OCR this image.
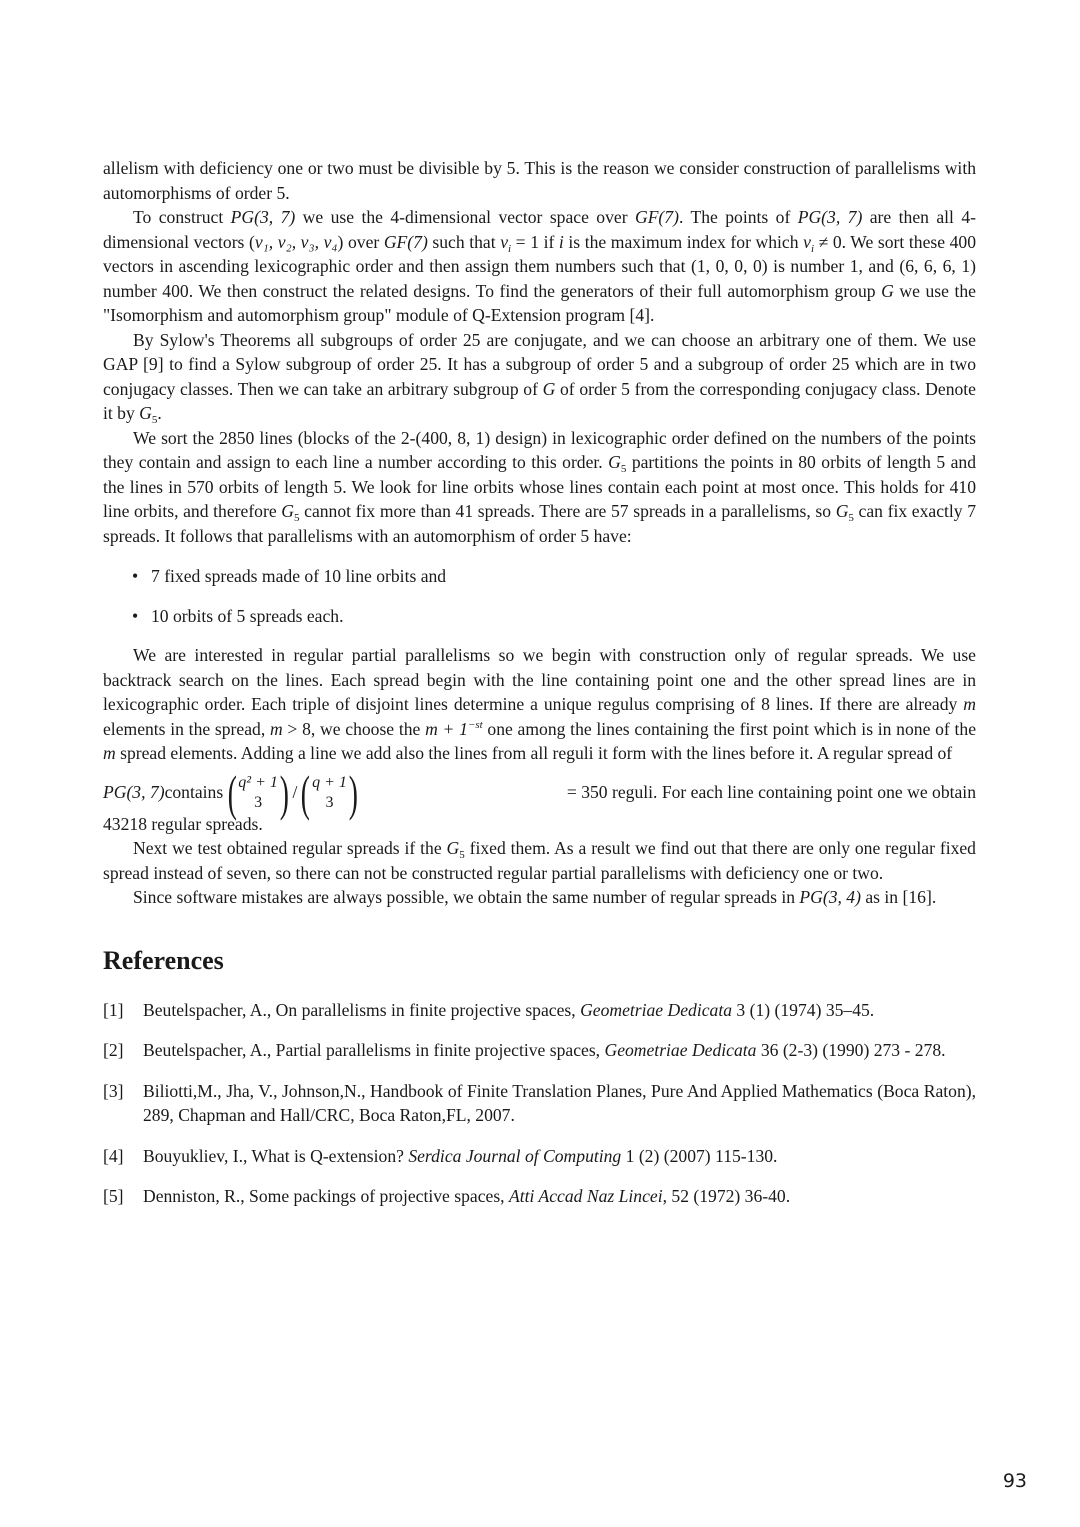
allelism with deficiency one or two must be divisible by 5. This is the reason we consider construction of parallelisms with automorphisms of order 5.

To construct PG(3, 7) we use the 4-dimensional vector space over GF(7). The points of PG(3, 7) are then all 4-dimensional vectors (v₁, v₂, v₃, v₄) over GF(7) such that $v_i = 1$ if i is the maximum index for which $v_i \ne 0$. We sort these 400 vectors in ascending lexicographic order and then assign them numbers such that (1, 0, 0, 0) is number 1, and (6, 6, 6, 1) number 400. We then construct the related designs. To find the generators of their full automorphism group G we use the "Isomorphism and automorphism group" module of Q-Extension program [4].

By Sylow's Theorems all subgroups of order 25 are conjugate, and we can choose an arbitrary one of them. We use GAP [9] to find a Sylow subgroup of order 25. It has a subgroup of order 5 and a subgroup of order 25 which are in two conjugacy classes. Then we can take an arbitrary subgroup of G of order 5 from the corresponding conjugacy class. Denote it by $G_5$.

We sort the 2850 lines (blocks of the 2-(400, 8, 1) design) in lexicographic order defined on the numbers of the points they contain and assign to each line a number according to this order. $G_5$ partitions the points in 80 orbits of length 5 and the lines in 570 orbits of length 5. We look for line orbits whose lines contain each point at most once. This holds for 410 line orbits, and therefore $G_5$ cannot fix more than 41 spreads. There are 57 spreads in a parallelisms, so $G_5$ can fix exactly 7 spreads. It follows that parallelisms with an automorphism of order 5 have:

• 7 fixed spreads made of 10 line orbits and
• 10 orbits of 5 spreads each.

We are interested in regular partial parallelisms so we begin with construction only of regular spreads. We use backtrack search on the lines. Each spread begin with the line containing point one and the other spread lines are in lexicographic order. Each triple of disjoint lines determine a unique regulus comprising of 8 lines. If there are already m elements in the spread, m > 8, we choose the $m + 1^{-st}$ one among the lines containing the first point which is in none of the m spread elements. Adding a line we add also the lines from all reguli it form with the lines before it. A regular spread of

PG(3, 7) contains
( q² + 1
3 ) / ( q + 1
3 )
	= 350 reguli. For each line containing point one we obtain

43218 regular spreads.

Next we test obtained regular spreads if the $G_5$ fixed them. As a result we find out that there are only one regular fixed spread instead of seven, so there can not be constructed regular partial parallelisms with deficiency one or two.

Since software mistakes are always possible, we obtain the same number of regular spreads in PG(3, 4) as in [16].

References
[1]	Beutelspacher, A., On parallelisms in finite projective spaces, Geometriae Dedicata 3 (1) (1974) 35–45.
[2]	Beutelspacher, A., Partial parallelisms in finite projective spaces, Geometriae Dedicata 36 (2-3) (1990) 273 - 278.
[3]	Biliotti,M., Jha, V., Johnson,N., Handbook of Finite Translation Planes, Pure And Applied Mathematics (Boca Raton), 289, Chapman and Hall/CRC, Boca Raton,FL, 2007.
[4]	Bouyukliev, I., What is Q-extension? Serdica Journal of Computing 1 (2) (2007) 115-130.
[5]	Denniston, R., Some packings of projective spaces, Atti Accad Naz Lincei, 52 (1972) 36-40.
93
